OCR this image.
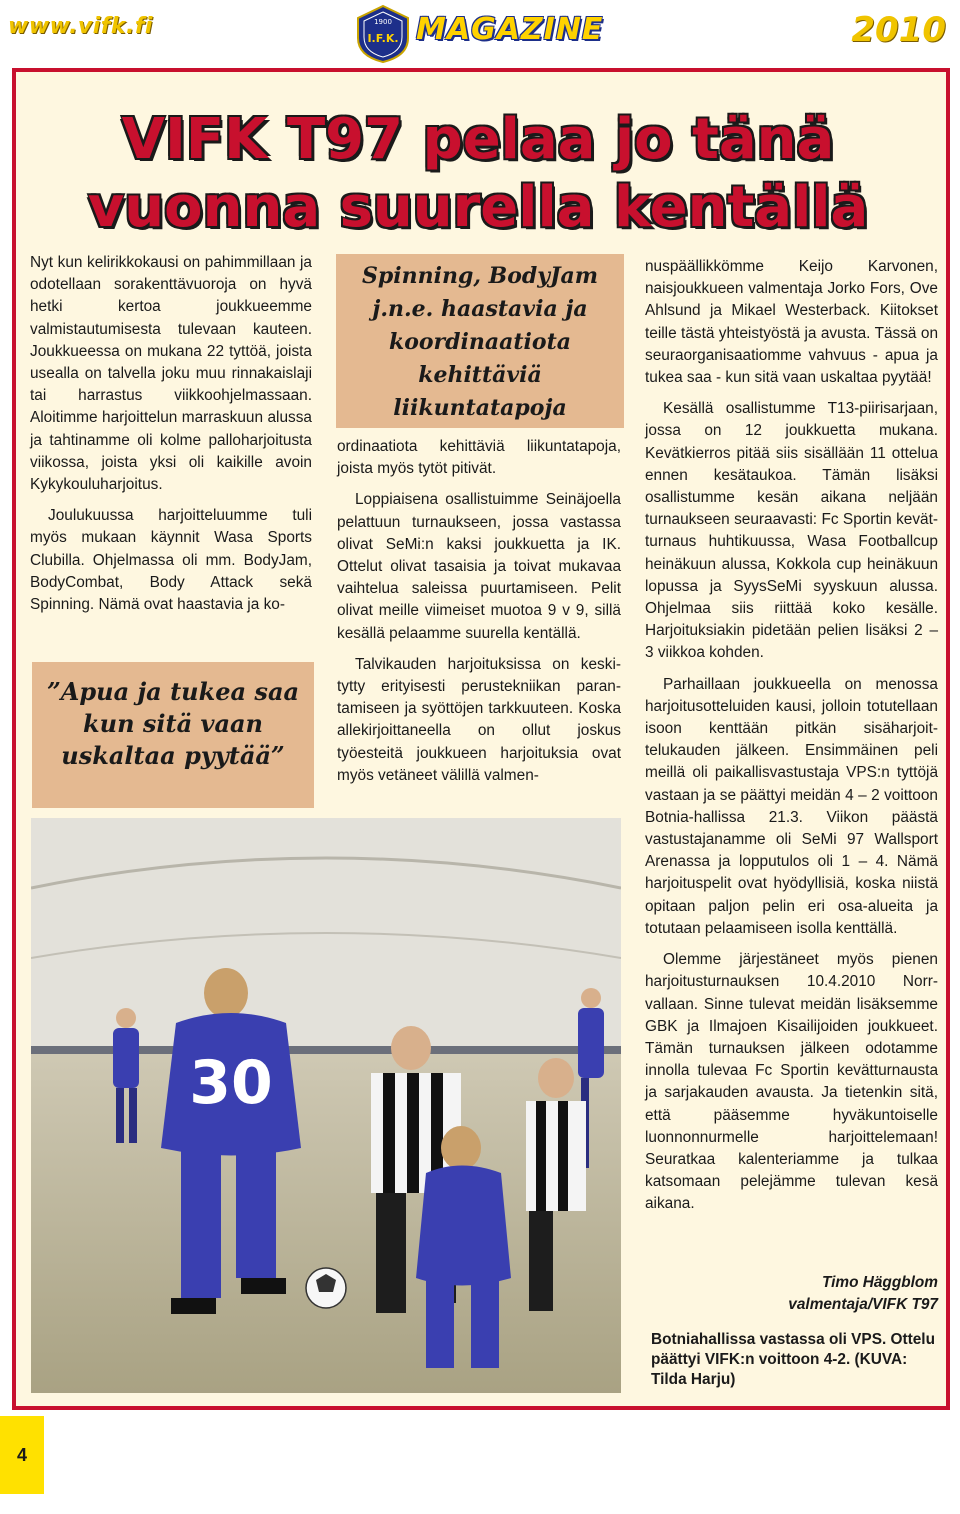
www.vifk.fi	1900
I.F.K. MAGAZINE	2010
VIFK T97 pelaa jo tänä
vuonna suurella kentällä

Nyt kun kelirikkokausi on pahimmillaan ja odotellaan sorakenttävuoroja on hyvä hetki kertoa joukkueemme valmistautumisesta tulevaan kauteen. Joukkueessa on mukana 22 tyttöä, joista usealla on talvella joku muu rinnakaislaji tai harrastus viikkoohjelmassaan. Aloitimme harjoittelun marraskuun alussa ja tahtinamme oli kolme palloharjoitusta viikossa, joista yksi oli kaikille avoin Kykykouluharjoitus.

Joulukuussa harjoitteluumme tuli myös mukaan käynnit Wasa Sports Clubilla. Ohjelmassa oli mm. BodyJam, BodyCombat, Body Attack sekä Spinning. Nämä ovat haastavia ja ko-

”Apua ja tukea saa kun sitä vaan uskaltaa pyytää”
Spinning, BodyJam j.n.e. haastavia ja koordinaatiota kehittäviä liikuntatapoja

ordinaatiota kehittäviä liikuntatapoja, joista myös tytöt pitivät.

Loppiaisena osallistuimme Seinäjoella pelattuun turnaukseen, jossa vastassa olivat SeMi:n kaksi joukkuetta ja IK. Ottelut olivat tasaisia ja toivat mukavaa vaihtelua saleissa puurtamiseen. Pelit olivat meille viimeiset muotoa 9 v 9, sillä kesällä pelaamme suurella kentällä.

Talvikauden harjoituksissa on keskitytty erityisesti perustekniikan parantamiseen ja syöttöjen tarkkuuteen. Koska allekirjoittaneella on ollut joskus työesteitä joukkueen harjoituksia ovat myös vetäneet välillä valmen-

nuspäällikkömme Keijo Karvonen, naisjoukkueen valmentaja Jorko Fors, Ove Ahlsund ja Mikael Westerback. Kiitokset teille tästä yhteistyöstä ja avusta. Tässä on seuraorganisaatiomme vahvuus - apua ja tukea saa - kun sitä vaan uskaltaa pyytää!

Kesällä osallistumme T13-piirisarjaan, jossa on 12 joukkuetta mukana. Kevätkierros pitää siis sisällään 11 ottelua ennen kesätaukoa. Tämän lisäksi osallistumme kesän aikana neljään turnaukseen seuraavasti: Fc Sportin kevät-turnaus huhtikuussa, Wasa Footballcup heinäkuun alussa, Kokkola cup heinäkuun lopussa ja SyysSeMi syyskuun alussa. Ohjelmaa siis riittää koko kesälle. Harjoituksiakin pidetään pelien lisäksi 2 – 3 viikkoa kohden.

Parhaillaan joukkueella on menossa harjoitusotteluiden kausi, jolloin totutellaan isoon kenttään pitkän sisäharjoittelukauden jälkeen. Ensimmäinen peli meillä oli paikallisvastustaja VPS:n tyttöjä vastaan ja se päättyi meidän 4 – 2 voittoon Botnia-hallissa 21.3. Viikon päästä vastustajanamme oli SeMi 97 Wallsport Arenassa ja lopputulos oli 1 – 4. Nämä harjoituspelit ovat hyödyllisiä, koska niistä opitaan paljon pelin eri osa-alueita ja totutaan pelaamiseen isolla kenttällä.

Olemme järjestäneet myös pienen harjoitusturnauksen 10.4.2010 Norrvallaan. Sinne tulevat meidän lisäksemme GBK ja Ilmajoen Kisailijoiden joukkueet. Tämän turnauksen jälkeen odotamme innolla tulevaa Fc Sportin kevätturnausta ja sarjakauden avausta. Ja tietenkin sitä, että pääsemme hyväkuntoiselle luonnonnurmelle harjoittelemaan! Seuratkaa kalenteriamme ja tulkaa katsomaan pelejämme tulevan kesä aikana.

30
Timo Häggblom
valmentaja/VIFK T97
Botniahallissa vastassa oli VPS. Ottelu päättyi VIFK:n voittoon 4-2. (KUVA: Tilda Harju)
4
